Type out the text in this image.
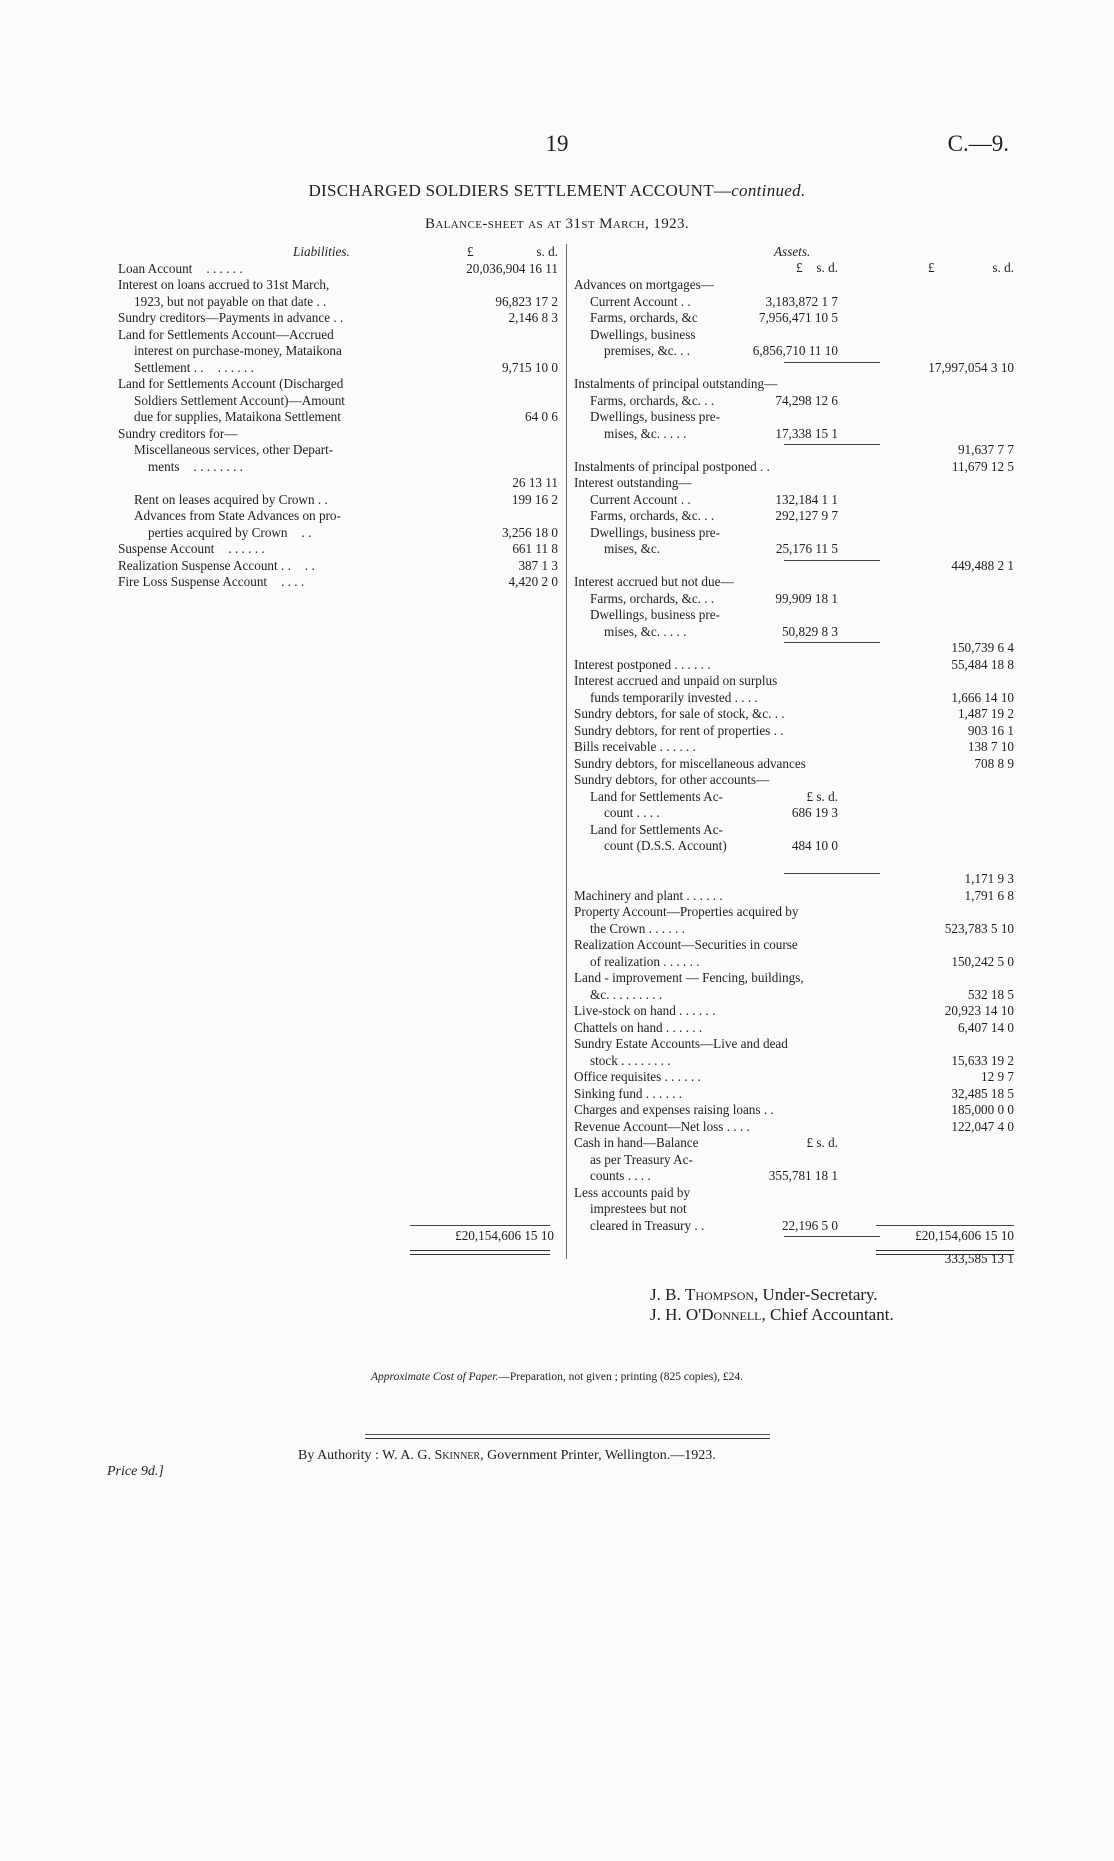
19	C.—9.
DISCHARGED SOLDIERS SETTLEMENT ACCOUNT—continued.
Balance-sheet as at 31st March, 1923.
Liabilities.	£	s. d.
Loan Account . . . . . .	20,036,904 16 11
Interest on loans accrued to 31st March,
1923, but not payable on that date . .	96,823 17 2
Sundry creditors—Payments in advance . .	2,146 8 3
Land for Settlements Account—Accrued
interest on purchase-money, Mataikona
Settlement . . . . . . . .	9,715 10 0
Land for Settlements Account (Discharged
Soldiers Settlement Account)—Amount
due for supplies, Mataikona Settlement	64 0 6
Sundry creditors for—
Miscellaneous services, other Depart-
ments . . . . . . . .
26 13 11
Rent on leases acquired by Crown . .	199 16 2
Advances from State Advances on pro-
perties acquired by Crown . .	3,256 18 0
Suspense Account . . . . . .	661 11 8
Realization Suspense Account . . . .	387 1 3
Fire Loss Suspense Account . . . .	4,420 2 0
Assets.
£ s. d.	£	s. d.
Advances on mortgages—
Current Account . .	3,183,872 1 7
Farms, orchards, &c	7,956,471 10 5
Dwellings, business
premises, &c. . .	6,856,710 11 10
17,997,054 3 10
Instalments of principal outstanding—
Farms, orchards, &c. . .	74,298 12 6
Dwellings, business pre-
mises, &c. . . . .	17,338 15 1
91,637 7 7
Instalments of principal postponed . .	11,679 12 5
Interest outstanding—
Current Account . .	132,184 1 1
Farms, orchards, &c. . .	292,127 9 7
Dwellings, business pre-
mises, &c.	25,176 11 5
449,488 2 1
Interest accrued but not due—
Farms, orchards, &c. . .	99,909 18 1
Dwellings, business pre-
mises, &c. . . . .	50,829 8 3
150,739 6 4
Interest postponed . . . . . .	55,484 18 8
Interest accrued and unpaid on surplus
funds temporarily invested . . . .	1,666 14 10
Sundry debtors, for sale of stock, &c. . .	1,487 19 2
Sundry debtors, for rent of properties . .	903 16 1
Bills receivable . . . . . .	138 7 10
Sundry debtors, for miscellaneous advances	708 8 9
Sundry debtors, for other accounts—
Land for Settlements Ac-	£ s. d.
count . . . .	686 19 3
Land for Settlements Ac-
count (D.S.S. Account)	484 10 0
1,171 9 3
Machinery and plant . . . . . .	1,791 6 8
Property Account—Properties acquired by
the Crown . . . . . .	523,783 5 10
Realization Account—Securities in course
of realization . . . . . .	150,242 5 0
Land - improvement — Fencing, buildings,
&c. . . . . . . . .	532 18 5
Live-stock on hand . . . . . .	20,923 14 10
Chattels on hand . . . . . .	6,407 14 0
Sundry Estate Accounts—Live and dead
stock . . . . . . . .	15,633 19 2
Office requisites . . . . . .	12 9 7
Sinking fund . . . . . .	32,485 18 5
Charges and expenses raising loans . .	185,000 0 0
Revenue Account—Net loss . . . .	122,047 4 0
Cash in hand—Balance	£ s. d.
as per Treasury Ac-
counts . . . .	355,781 18 1
Less accounts paid by
imprestees but not
cleared in Treasury . .	22,196 5 0
333,585 13 1
£20,154,606 15 10	£20,154,606 15 10
J. B. Thompson, Under-Secretary.
J. H. O'Donnell, Chief Accountant.
Approximate Cost of Paper.—Preparation, not given ; printing (825 copies), £24.
By Authority : W. A. G. Skinner, Government Printer, Wellington.—1923.
Price 9d.]
